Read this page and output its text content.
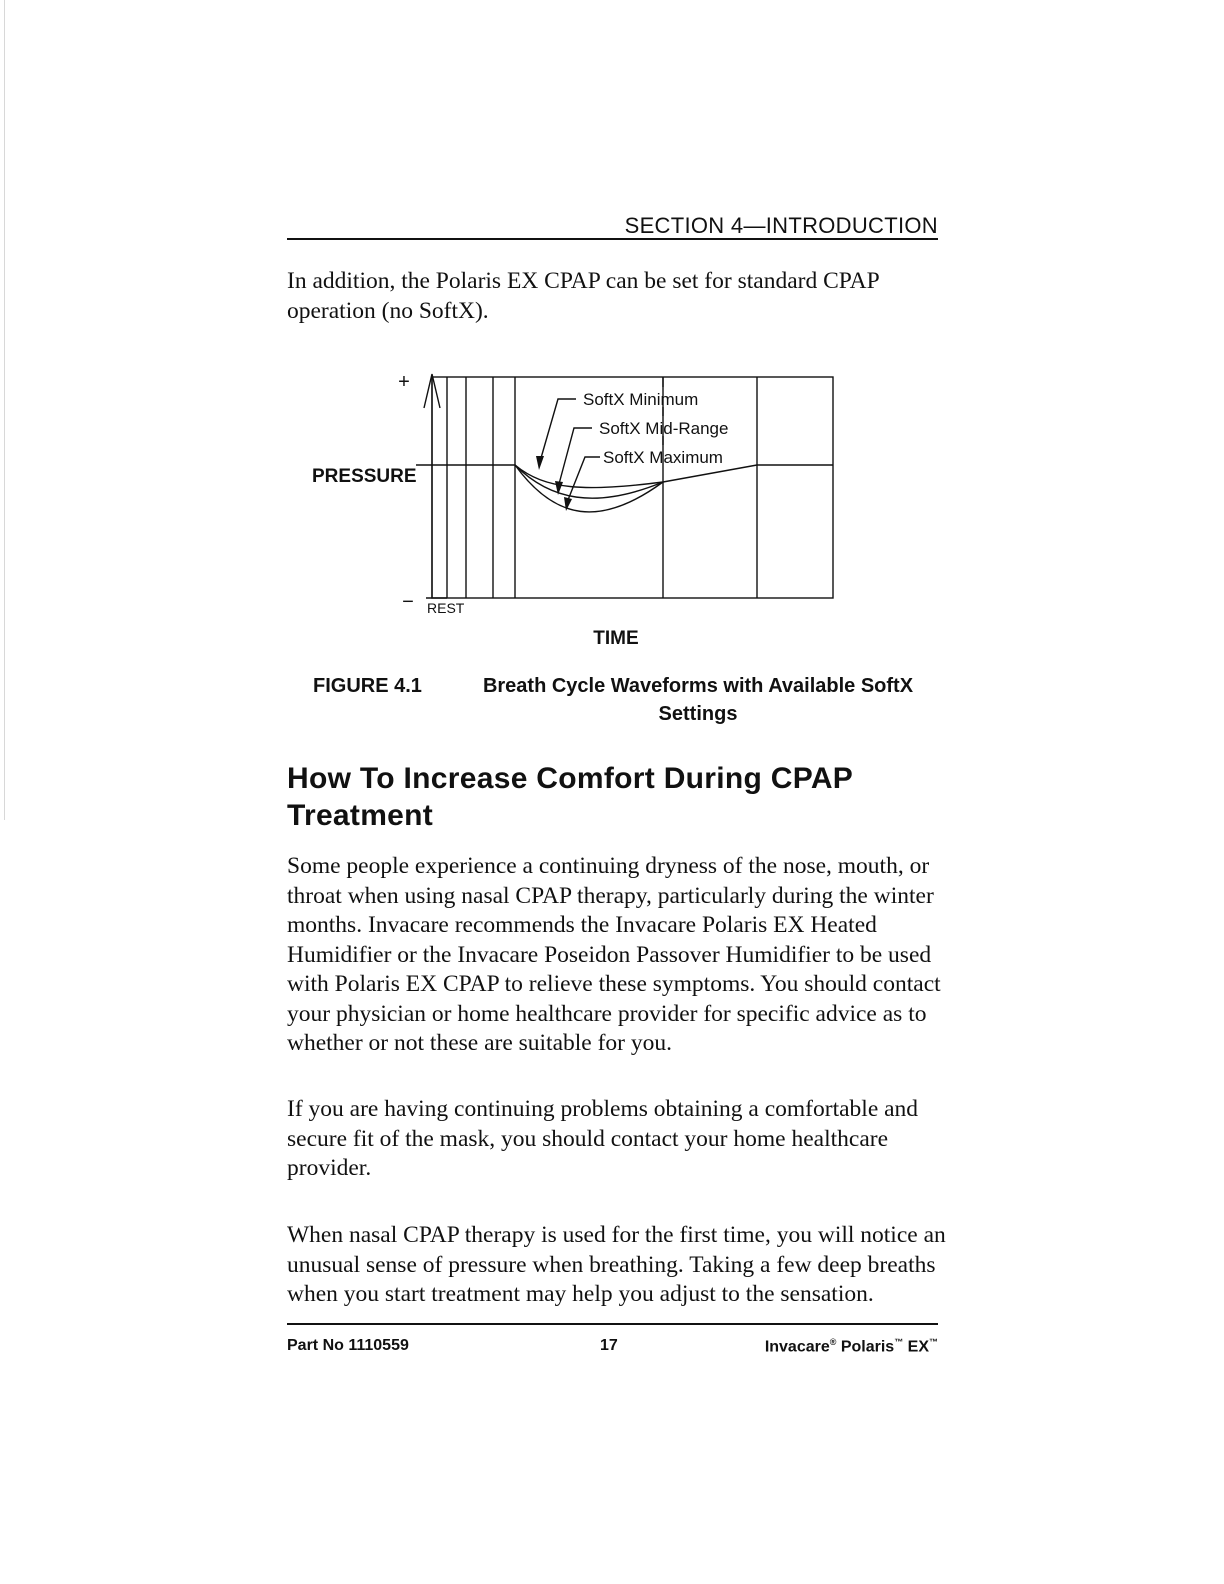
SECTION 4—INTRODUCTION
In addition, the Polaris EX CPAP can be set for standard CPAP operation (no SoftX).
+
−
PRESSURE
REST
TIME
SoftX Minimum
SoftX Mid-Range
SoftX Maximum
FIGURE 4.1	Breath Cycle Waveforms with Available SoftX Settings
How To Increase Comfort During CPAP Treatment
Some people experience a continuing dryness of the nose, mouth, or throat when using nasal CPAP therapy, particularly during the winter months. Invacare recommends the Invacare Polaris EX Heated Humidifier or the Invacare Poseidon Passover Humidifier to be used with Polaris EX CPAP to relieve these symptoms. You should contact your physician or home healthcare provider for specific advice as to whether or not these are suitable for you.
If you are having continuing problems obtaining a comfortable and secure fit of the mask, you should contact your home healthcare provider.
When nasal CPAP therapy is used for the first time, you will notice an unusual sense of pressure when breathing. Taking a few deep breaths when you start treatment may help you adjust to the sensation.
Part No 1110559	17	Invacare® Polaris™ EX™
